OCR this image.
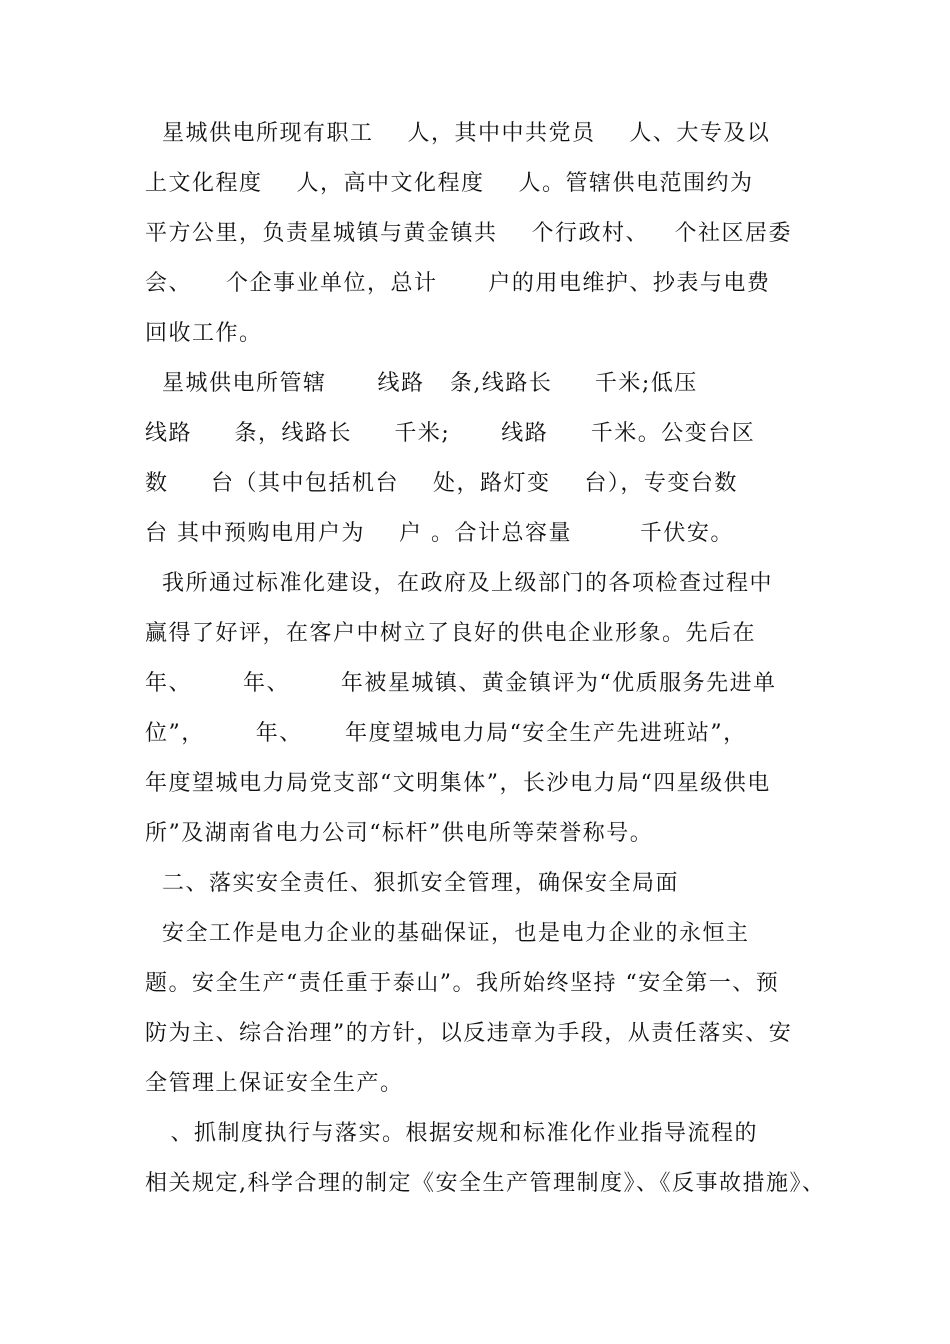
星城供电所现有职工    人，其中中共党员    人、大专及以
上文化程度    人，高中文化程度    人。管辖供电范围约为
平方公里，负责星城镇与黄金镇共    个行政村、   个社区居委
会、    个企事业单位，总计      户的用电维护、抄表与电费
回收工作。
星城供电所管辖      线路   条,线路长     千米;低压
线路     条，线路长     千米;      线路     千米。公变台区
数     台（其中包括机台    处，路灯变    台），专变台数
台 其中预购电用户为    户 。合计总容量        千伏安。
我所通过标准化建设，在政府及上级部门的各项检查过程中
赢得了好评，在客户中树立了良好的供电企业形象。先后在
年、      年、      年被星城镇、黄金镇评为“优质服务先进单
位”，      年、     年度望城电力局“安全生产先进班站”，
年度望城电力局党支部“文明集体”，长沙电力局“四星级供电
所”及湖南省电力公司“标杆”供电所等荣誉称号。
二、落实安全责任、狠抓安全管理，确保安全局面
安全工作是电力企业的基础保证，也是电力企业的永恒主
题。安全生产“责任重于泰山”。我所始终坚持 “安全第一、预
防为主、综合治理”的方针，以反违章为手段，从责任落实、安
全管理上保证安全生产。
、抓制度执行与落实。根据安规和标准化作业指导流程的
相关规定,科学合理的制定《安全生产管理制度》、《反事故措施》、
